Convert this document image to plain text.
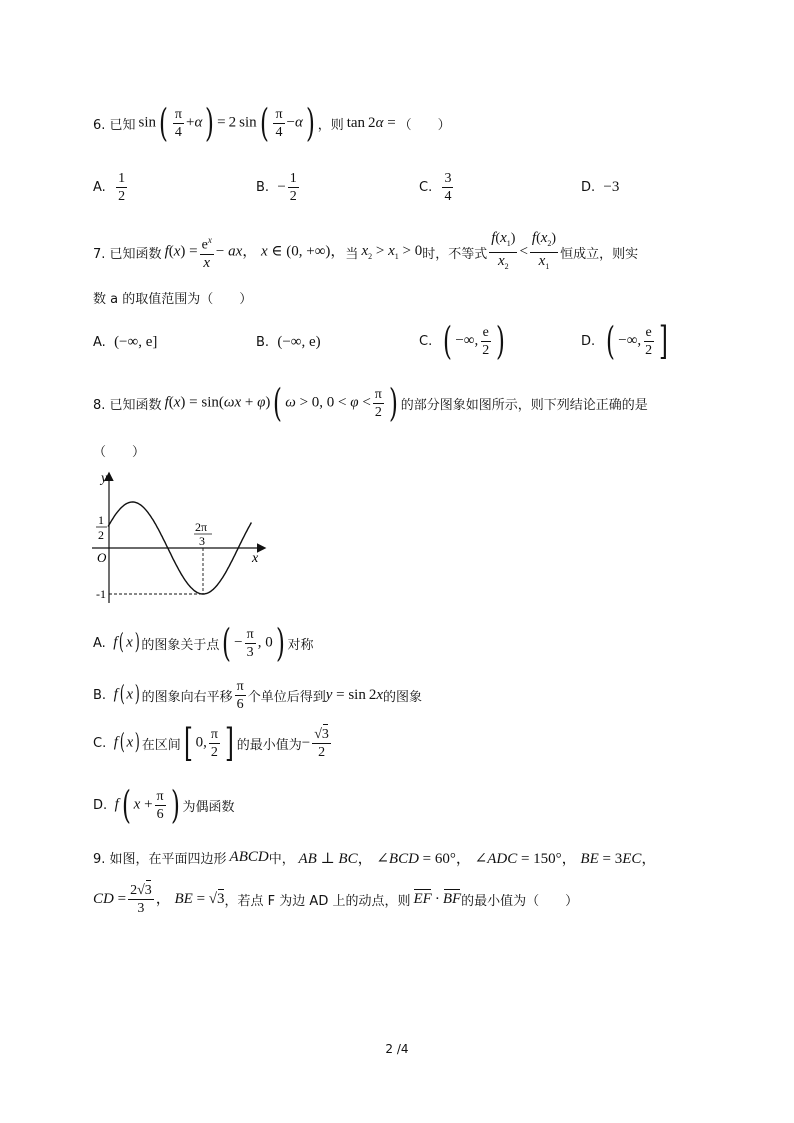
6. 已知  $\sin( \frac{\pi}{4} +\alpha) = 2$ $\sin( \frac{\pi}{4} -\alpha)$ ，则  tan 2α =  （　　）
A.
$\frac{1}{2}$	B.
− $\frac{1}{2}$	C.
$\frac{3}{4}$	D.
−3
7. 已知函数
  $f(x) = \frac{e^x}{x}$ − ax， x ∈ (0, +∞)， 当
  $x_2 > x_1 > 0$ 时，不等式 $\frac{f(x_1)}{x_2} < \frac{f(x_2)}{x_1}$ 恒成立，则实
数 a 的取值范围为（　　）
A.
(−∞, e]	B.
(−∞, e)	C.
( −∞, $\frac{e}{2}$ )	D.
( −∞, $\frac{e}{2}$ ]
8. 已知函数
  f(x) = sin(ωx + φ)( ω > 0, $0 < \varphi < \frac{\pi}{2}$ ) 的部分图象如图所示，则下列结论正确的是
（　　）
y
x
O
1
2
2π
3
-1
A. f( x) 的图象关于点 ( − $\frac{\pi}{3}$ , 0) 对称
B. f( x) 的图象向右平移 $\frac{\pi}{6}$ 个单位后得到 y = sin 2x 的图象
C. f( x) 在区间 [ 0, $\frac{\pi}{2}$ ] 的最小值为 − $\frac{√3}{2}$
D. f( $x + \frac{\pi}{6}$ ) 为偶函数
9. 如图，在平面四边形  ABCD 中， AB ⊥ BC， ∠BCD = 60°， ∠ADC = 150°， BE = 3EC，
CD = $\frac{2√3}{3}$ ， BE = √3 ，若点 F 为边 AD 上的动点，则
  EF · BF 的最小值为（　　）
2 /4
